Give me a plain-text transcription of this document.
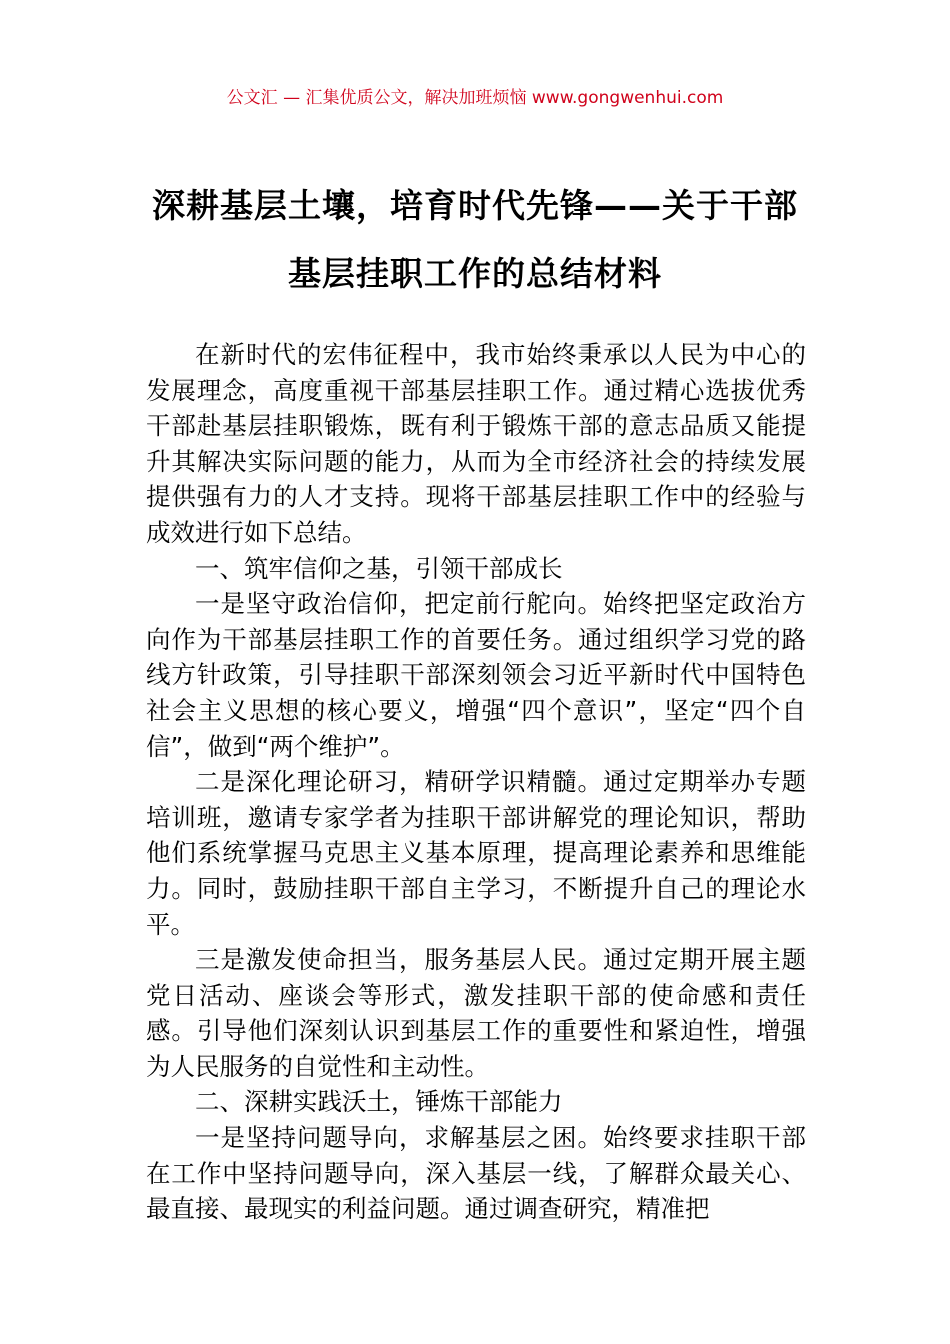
公文汇 — 汇集优质公文，解决加班烦恼 www.gongwenhui.com
深耕基层土壤，培育时代先锋——关于干部基层挂职工作的总结材料

在新时代的宏伟征程中，我市始终秉承以人民为中心的发展理念，高度重视干部基层挂职工作。通过精心选拔优秀干部赴基层挂职锻炼，既有利于锻炼干部的意志品质又能提升其解决实际问题的能力，从而为全市经济社会的持续发展提供强有力的人才支持。现将干部基层挂职工作中的经验与成效进行如下总结。

一、筑牢信仰之基，引领干部成长

一是坚守政治信仰，把定前行舵向。始终把坚定政治方向作为干部基层挂职工作的首要任务。通过组织学习党的路线方针政策，引导挂职干部深刻领会习近平新时代中国特色社会主义思想的核心要义，增强“四个意识”，坚定“四个自信”，做到“两个维护”。

二是深化理论研习，精研学识精髓。通过定期举办专题培训班，邀请专家学者为挂职干部讲解党的理论知识，帮助他们系统掌握马克思主义基本原理，提高理论素养和思维能力。同时，鼓励挂职干部自主学习，不断提升自己的理论水平。

三是激发使命担当，服务基层人民。通过定期开展主题党日活动、座谈会等形式，激发挂职干部的使命感和责任感。引导他们深刻认识到基层工作的重要性和紧迫性，增强为人民服务的自觉性和主动性。

二、深耕实践沃土，锤炼干部能力

一是坚持问题导向，求解基层之困。始终要求挂职干部在工作中坚持问题导向，深入基层一线，了解群众最关心、最直接、最现实的利益问题。通过调查研究，精准把
